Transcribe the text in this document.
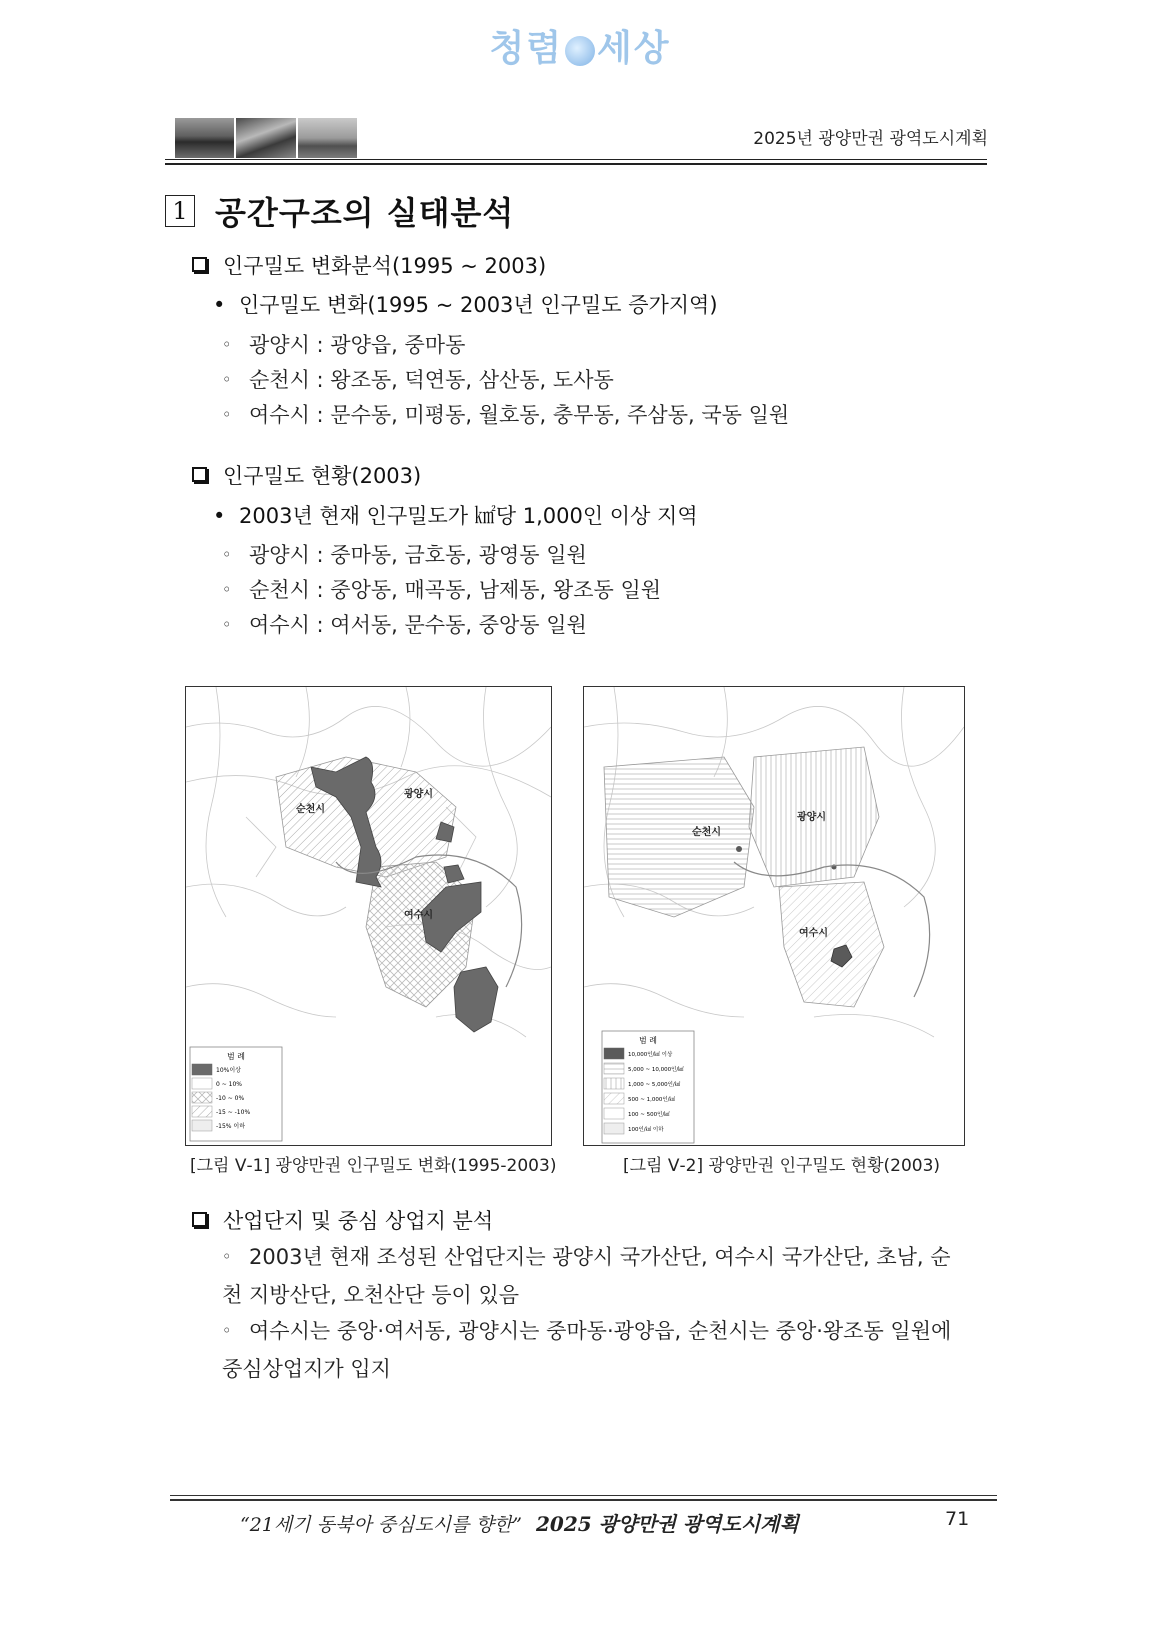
청렴 세상
2025년 광양만권 광역도시계획
1 공간구조의 실태분석
인구밀도 변화분석(1995 ~ 2003)
• 인구밀도 변화(1995 ~ 2003년 인구밀도 증가지역)
◦ 광양시 : 광양읍, 중마동
◦ 순천시 : 왕조동, 덕연동, 삼산동, 도사동
◦ 여수시 : 문수동, 미평동, 월호동, 충무동, 주삼동, 국동 일원
인구밀도 현황(2003)
• 2003년 현재 인구밀도가 ㎢당 1,000인 이상 지역
◦ 광양시 : 중마동, 금호동, 광영동 일원
◦ 순천시 : 중앙동, 매곡동, 남제동, 왕조동 일원
◦ 여수시 : 여서동, 문수동, 중앙동 일원
순천시
광양시
여수시
범 례
10%이상
0 ~ 10%
-10 ~ 0%
-15 ~ -10%
-15% 이하
[그림 Ⅴ-1] 광양만권 인구밀도 변화(1995-2003)
순천시
광양시
여수시
범 례
10,000인/㎢ 이상
5,000 ~ 10,000인/㎢
1,000 ~ 5,000인/㎢
500 ~ 1,000인/㎢
100 ~ 500인/㎢
100인/㎢ 이하
[그림 Ⅴ-2] 광양만권 인구밀도 현황(2003)
산업단지 및 중심 상업지 분석
◦ 2003년 현재 조성된 산업단지는 광양시 국가산단, 여수시 국가산단, 초남, 순천 지방산단, 오천산단 등이 있음
◦ 여수시는 중앙·여서동, 광양시는 중마동·광양읍, 순천시는 중앙·왕조동 일원에 중심상업지가 입지
“21세기 동북아 중심도시를 향한” 2025 광양만권 광역도시계획	71
